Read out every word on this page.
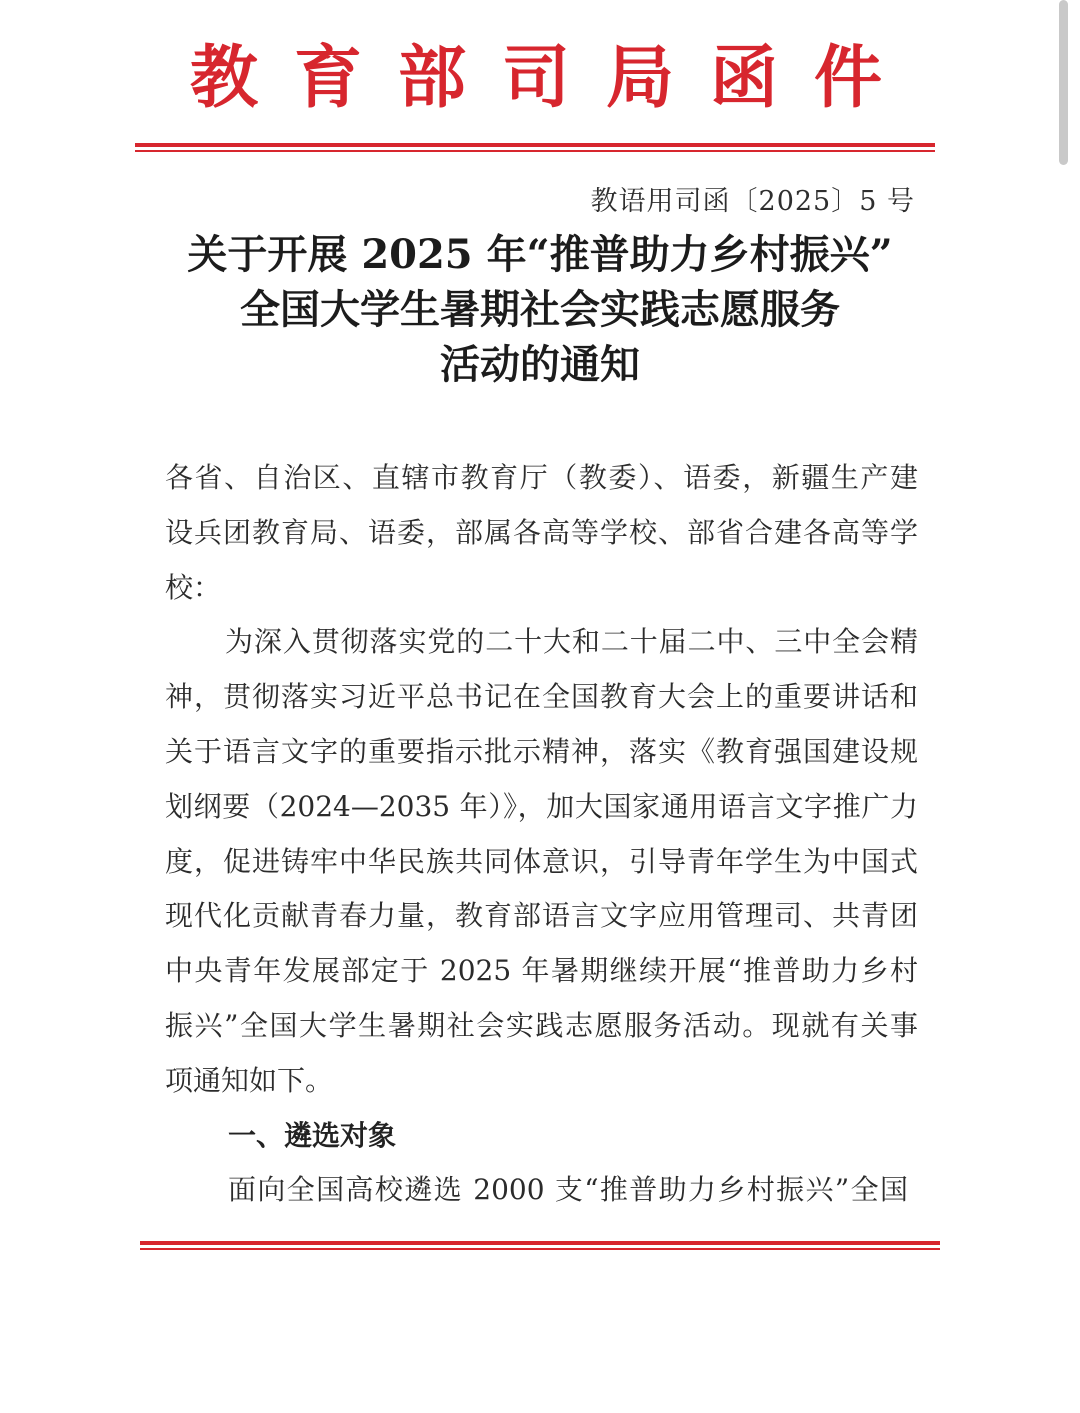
教育部司局函件
教语用司函〔2025〕5 号
关于开展 2025 年“推普助力乡村振兴”
全国大学生暑期社会实践志愿服务
活动的通知
各省、自治区、直辖市教育厅（教委）、语委，新疆生产建
设兵团教育局、语委，部属各高等学校、部省合建各高等学
校：
为深入贯彻落实党的二十大和二十届二中、三中全会精
神，贯彻落实习近平总书记在全国教育大会上的重要讲话和
关于语言文字的重要指示批示精神，落实《教育强国建设规
划纲要（2024—2035 年）》，加大国家通用语言文字推广力
度，促进铸牢中华民族共同体意识，引导青年学生为中国式
现代化贡献青春力量，教育部语言文字应用管理司、共青团
中央青年发展部定于 2025 年暑期继续开展“推普助力乡村
振兴”全国大学生暑期社会实践志愿服务活动。现就有关事
项通知如下。
一、遴选对象
面向全国高校遴选 2000 支“推普助力乡村振兴”全国
